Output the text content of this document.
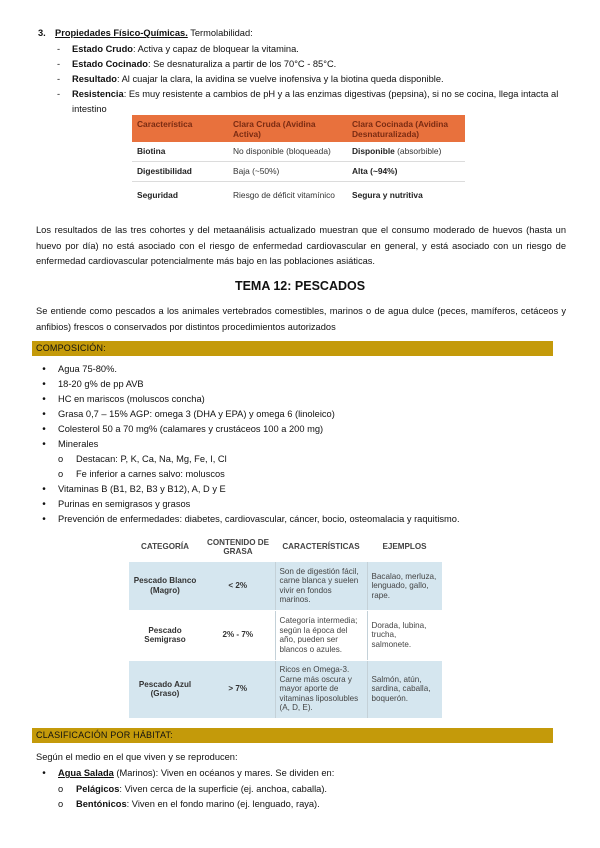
3. Propiedades Físico-Químicas. Termolabilidad:
- Estado Crudo: Activa y capaz de bloquear la vitamina.
- Estado Cocinado: Se desnaturaliza a partir de los 70°C - 85°C.
- Resultado: Al cuajar la clara, la avidina se vuelve inofensiva y la biotina queda disponible.
- Resistencia: Es muy resistente a cambios de pH y a las enzimas digestivas (pepsina), si no se cocina, llega intacta al intestino
Característica	Clara Cruda (Avidina Activa)	Clara Cocinada (Avidina Desnaturalizada)
Biotina	No disponible (bloqueada)	Disponible (absorbible)
Digestibilidad	Baja (~50%)	Alta (~94%)
Seguridad	Riesgo de déficit vitamínico	Segura y nutritiva
Los resultados de las tres cohortes y del metaanálisis actualizado muestran que el consumo moderado de huevos (hasta un huevo por día) no está asociado con el riesgo de enfermedad cardiovascular en general, y está asociado con un riesgo de enfermedad cardiovascular potencialmente más bajo en las poblaciones asiáticas.
TEMA 12: PESCADOS
Se entiende como pescados a los animales vertebrados comestibles, marinos o de agua dulce (peces, mamíferos, cetáceos y anfibios) frescos o conservados por distintos procedimientos autorizados
COMPOSICIÓN:
•	Agua 75-80%.
•	18-20 g% de pp AVB
•	HC en mariscos (moluscos concha)
•	Grasa 0,7 – 15% AGP: omega 3 (DHA y EPA) y omega 6 (linoleico)
•	Colesterol 50 a 70 mg% (calamares y crustáceos 100 a 200 mg)
•	Minerales
o Destacan: P, K, Ca, Na, Mg, Fe, I, Cl
o Fe inferior a carnes salvo: moluscos
•	Vitaminas B (B1, B2, B3 y B12), A, D y E
•	Purinas en semigrasos y grasos
•	Prevención de enfermedades: diabetes, cardiovascular, cáncer, bocio, osteomalacia y raquitismo.
CATEGORÍA	CONTENIDO DE GRASA	CARACTERÍSTICAS	EJEMPLOS
Pescado Blanco (Magro)	< 2%	Son de digestión fácil, carne blanca y suelen vivir en fondos marinos.	Bacalao, merluza, lenguado, gallo, rape.
Pescado Semigraso	2% - 7%	Categoría intermedia; según la época del año, pueden ser blancos o azules.	Dorada, lubina, trucha, salmonete.
Pescado Azul (Graso)	> 7%	Ricos en Omega-3. Carne más oscura y mayor aporte de vitaminas liposolubles (A, D, E).	Salmón, atún, sardina, caballa, boquerón.
CLASIFICACIÓN POR HÁBITAT:
Según el medio en el que viven y se reproducen:
•	Agua Salada (Marinos): Viven en océanos y mares. Se dividen en:
o Pelágicos: Viven cerca de la superficie (ej. anchoa, caballa).
o Bentónicos: Viven en el fondo marino (ej. lenguado, raya).
